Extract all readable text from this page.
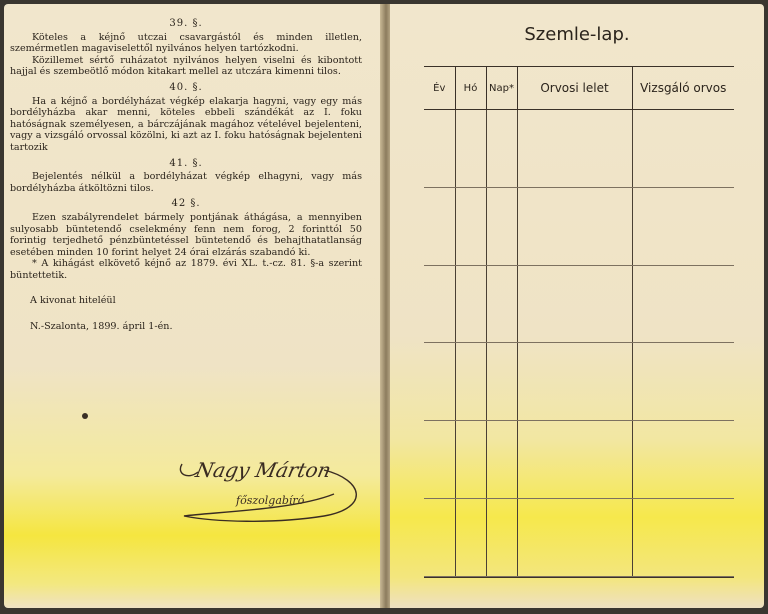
39. §.

Köteles a kéjnő utczai csavargástól és minden illetlen, szemérmetlen magaviselettől nyilvános helyen tartózkodni.

Közillemet sértő ruházatot nyilvános helyen viselni és kibontott hajjal és szembeötlő módon kitakart mellel az utczára kimenni tilos.

40. §.

Ha a kéjnő a bordélyházat végkép elakarja hagyni, vagy egy más bordélyházba akar menni, köteles ebbeli szándékát az I. foku hatóságnak személyesen, a bárczájának magához vételével bejelenteni, vagy a vizsgáló orvossal közölni, ki azt az I. foku hatóságnak bejelenteni tartozik

41. §.

Bejelentés nélkül a bordélyházat végkép elhagyni, vagy más bordélyházba átköltözni tilos.

42 §.

Ezen szabályrendelet bármely pontjának áthágása, a mennyiben sulyosabb büntetendő cselekmény fenn nem forog, 2 forinttól 50 forintig terjedhető pénzbüntetéssel büntetendő és behajthatatlanság esetében minden 10 forint helyet 24 órai elzárás szabandó ki.

* A kihágást elkövető kéjnő az 1879. évi XL. t.-cz. 81. §-a szerint büntettetik.

A kivonat hiteléül

N.-Szalonta, 1899. ápril 1-én.

Nagy Márton
főszolgabíró
Szemle-lap.
Év	Hó	Nap*	Orvosi lelet	Vizsgáló orvos
